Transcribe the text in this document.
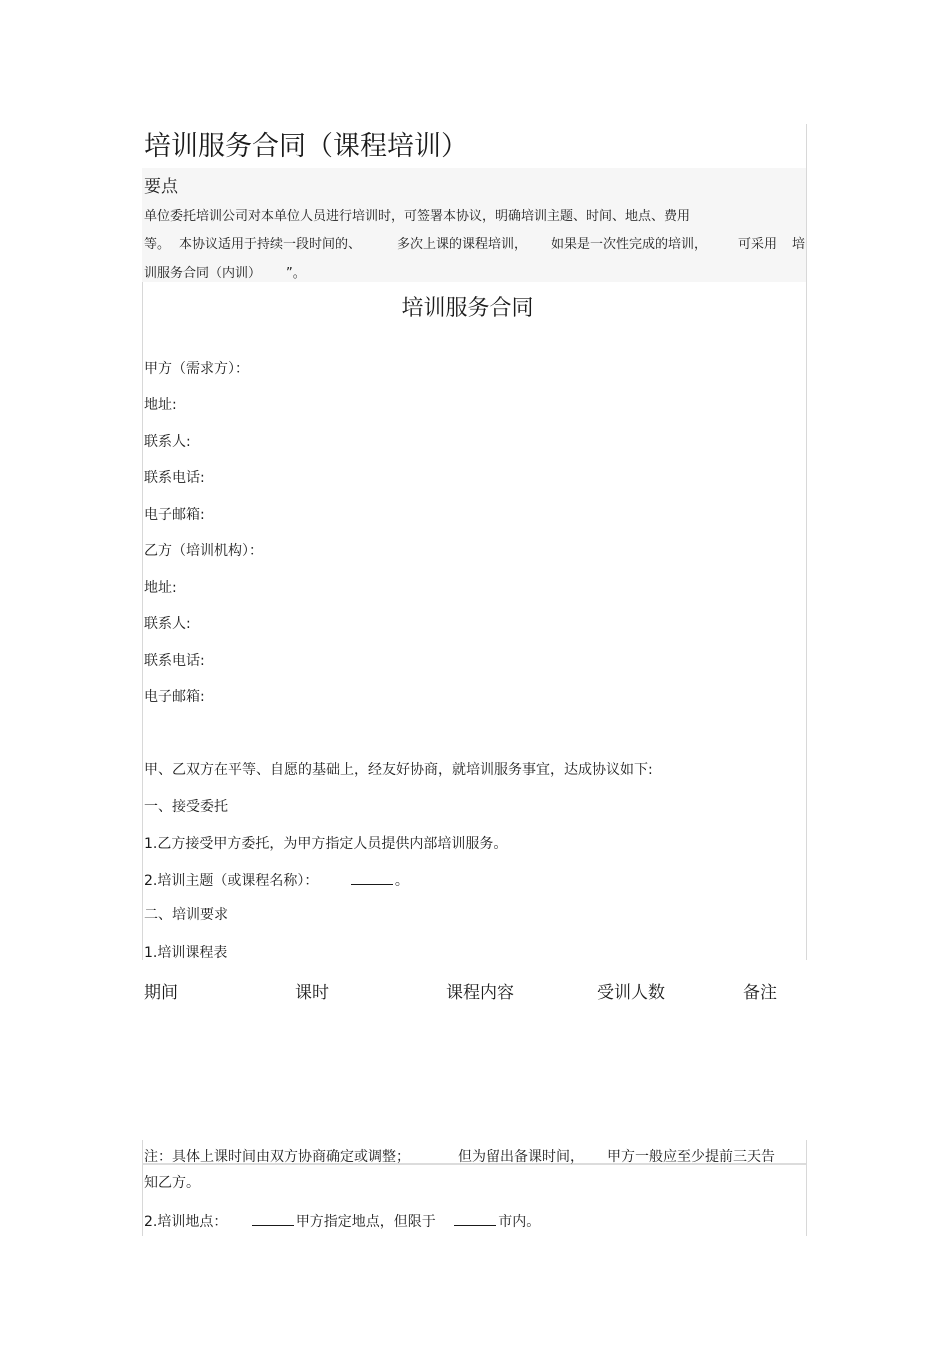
培训服务合同（课程培训）
要点
单位委托培训公司对本单位人员进行培训时，可签署本协议，明确培训主题、时间、地点、费用
等。 本协议适用于持续一段时间的、	多次上课的课程培训， 如果是一次性完成的培训， 可采用 培
训服务合同（内训） ”。
培训服务合同
甲方（需求方）：
地址:
联系人:
联系电话:
电子邮箱:
乙方（培训机构）：
地址:
联系人:
联系电话:
电子邮箱:
甲、乙双方在平等、自愿的基础上，经友好协商，就培训服务事宜，达成协议如下:
一、接受委托
1.乙方接受甲方委托，为甲方指定人员提供内部培训服务。
2.培训主题（或课程名称）：	。
二、培训要求
1.培训课程表
期间	课时	课程内容	受训人数	备注
注：具体上课时间由双方协商确定或调整；	但为留出备课时间， 甲方一般应至少提前三天告
知乙方。
2.培训地点：	甲方指定地点，但限于	市内。
